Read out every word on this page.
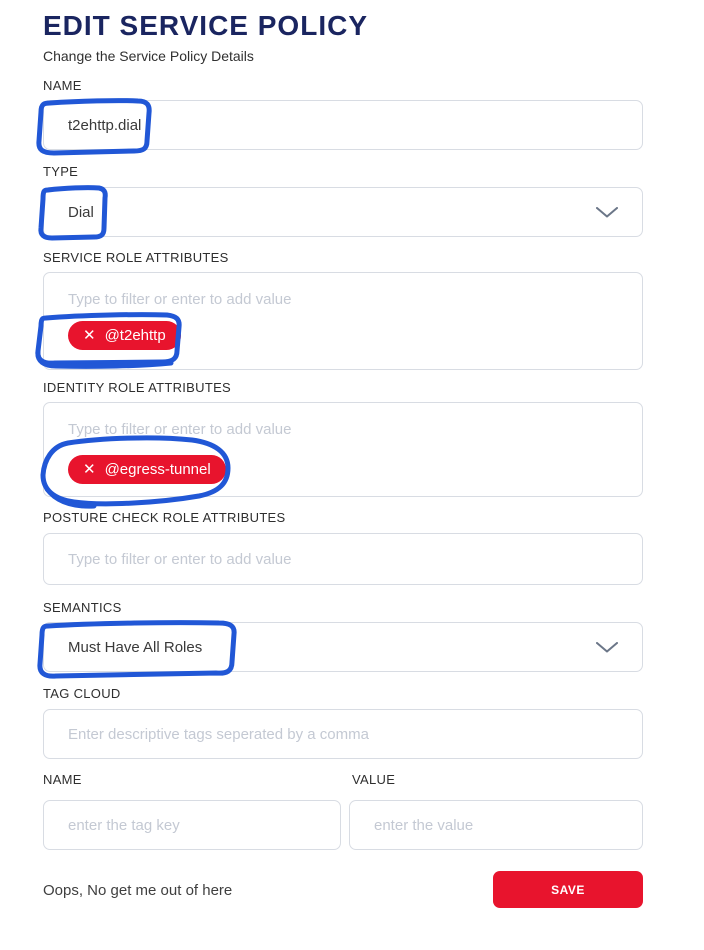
EDIT SERVICE POLICY
Change the Service Policy Details
NAME
t2ehttp.dial
TYPE
Dial
SERVICE ROLE ATTRIBUTES
Type to filter or enter to add value
✕ @t2ehttp
IDENTITY ROLE ATTRIBUTES
Type to filter or enter to add value
✕ @egress-tunnel
POSTURE CHECK ROLE ATTRIBUTES
Type to filter or enter to add value
SEMANTICS
Must Have All Roles
TAG CLOUD
Enter descriptive tags seperated by a comma
NAME	VALUE
enter the tag key
enter the value
Oops, No get me out of here	SAVE
